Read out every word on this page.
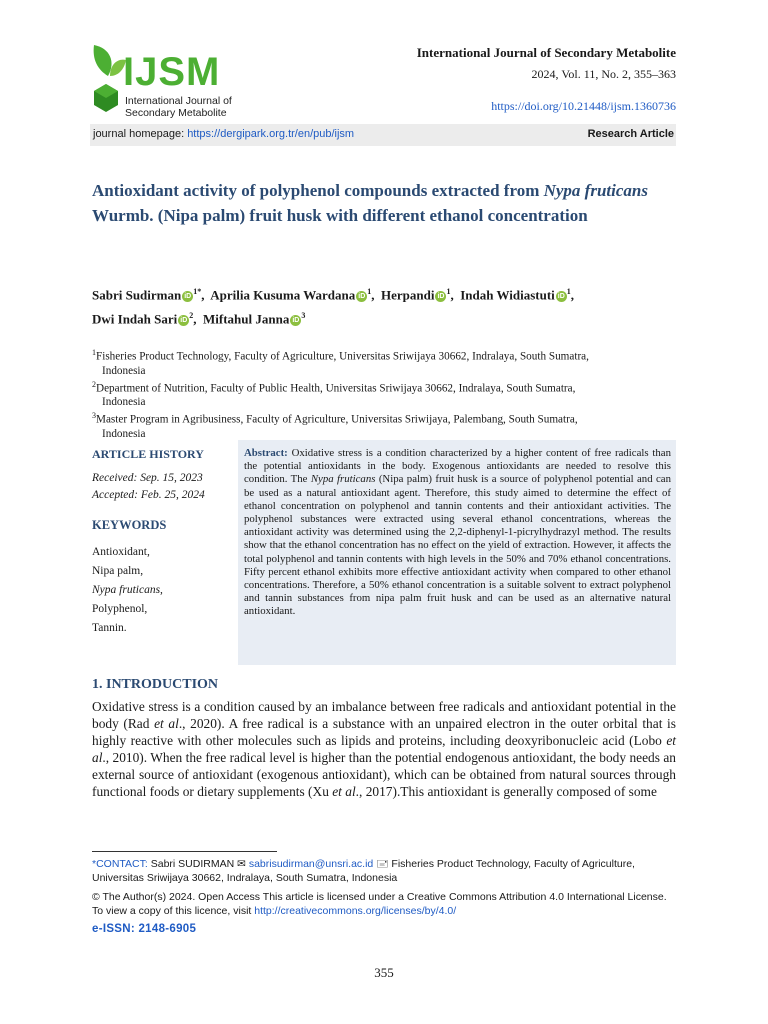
IJSM
International Journal of
Secondary Metabolite
International Journal of Secondary Metabolite
2024, Vol. 11, No. 2, 355–363
https://doi.org/10.21448/ijsm.1360736
journal homepage: https://dergipark.org.tr/en/pub/ijsm	Research Article
Antioxidant activity of polyphenol compounds extracted from Nypa fruticans Wurmb. (Nipa palm) fruit husk with different ethanol concentration
Sabri Sudirman $iD^{1*}$,  Aprilia Kusuma Wardana $iD^1$,  Herpandi $iD^1$,  Indah Widiastuti $iD^1$,
Dwi Indah Sari $iD^2$,  Miftahul Janna $iD^3$
$^1$Fisheries Product Technology, Faculty of Agriculture, Universitas Sriwijaya 30662, Indralaya, South Sumatra,
Indonesia
$^2$Department of Nutrition, Faculty of Public Health, Universitas Sriwijaya 30662, Indralaya, South Sumatra,
Indonesia
$^3$Master Program in Agribusiness, Faculty of Agriculture, Universitas Sriwijaya, Palembang, South Sumatra,
Indonesia
ARTICLE HISTORY
Received: Sep. 15, 2023
Accepted: Feb. 25, 2024
KEYWORDS
Antioxidant,
Nipa palm,
Nypa fruticans,
Polyphenol,
Tannin.
Abstract: Oxidative stress is a condition characterized by a higher content of free radicals than the potential antioxidants in the body. Exogenous antioxidants are needed to resolve this condition. The Nypa fruticans (Nipa palm) fruit husk is a source of polyphenol potential and can be used as a natural antioxidant agent. Therefore, this study aimed to determine the effect of ethanol concentration on polyphenol and tannin contents and their antioxidant activities. The polyphenol substances were extracted using several ethanol concentrations, whereas the antioxidant activity was determined using the 2,2-diphenyl-1-picrylhydrazyl method. The results show that the ethanol concentration has no effect on the yield of extraction. However, it affects the total polyphenol and tannin contents with high levels in the 50% and 70% ethanol concentrations. Fifty percent ethanol exhibits more effective antioxidant activity when compared to other ethanol concentrations. Therefore, a 50% ethanol concentration is a suitable solvent to extract polyphenol and tannin substances from nipa palm fruit husk and can be used as an alternative natural antioxidant.
1. INTRODUCTION
Oxidative stress is a condition caused by an imbalance between free radicals and antioxidant potential in the body (Rad et al., 2020). A free radical is a substance with an unpaired electron in the outer orbital that is highly reactive with other molecules such as lipids and proteins, including deoxyribonucleic acid (Lobo et al., 2010). When the free radical level is higher than the potential endogenous antioxidant, the body needs an external source of antioxidant (exogenous antioxidant), which can be obtained from natural sources through functional foods or dietary supplements (Xu et al., 2017).This antioxidant is generally composed of some
*CONTACT: Sabri SUDIRMAN ✉ sabrisudirman@unsri.ac.id 🖃 Fisheries Product Technology, Faculty of Agriculture, Universitas Sriwijaya 30662, Indralaya, South Sumatra, Indonesia
© The Author(s) 2024. Open Access This article is licensed under a Creative Commons Attribution 4.0 International License. To view a copy of this licence, visit http://creativecommons.org/licenses/by/4.0/
e-ISSN: 2148-6905
355
